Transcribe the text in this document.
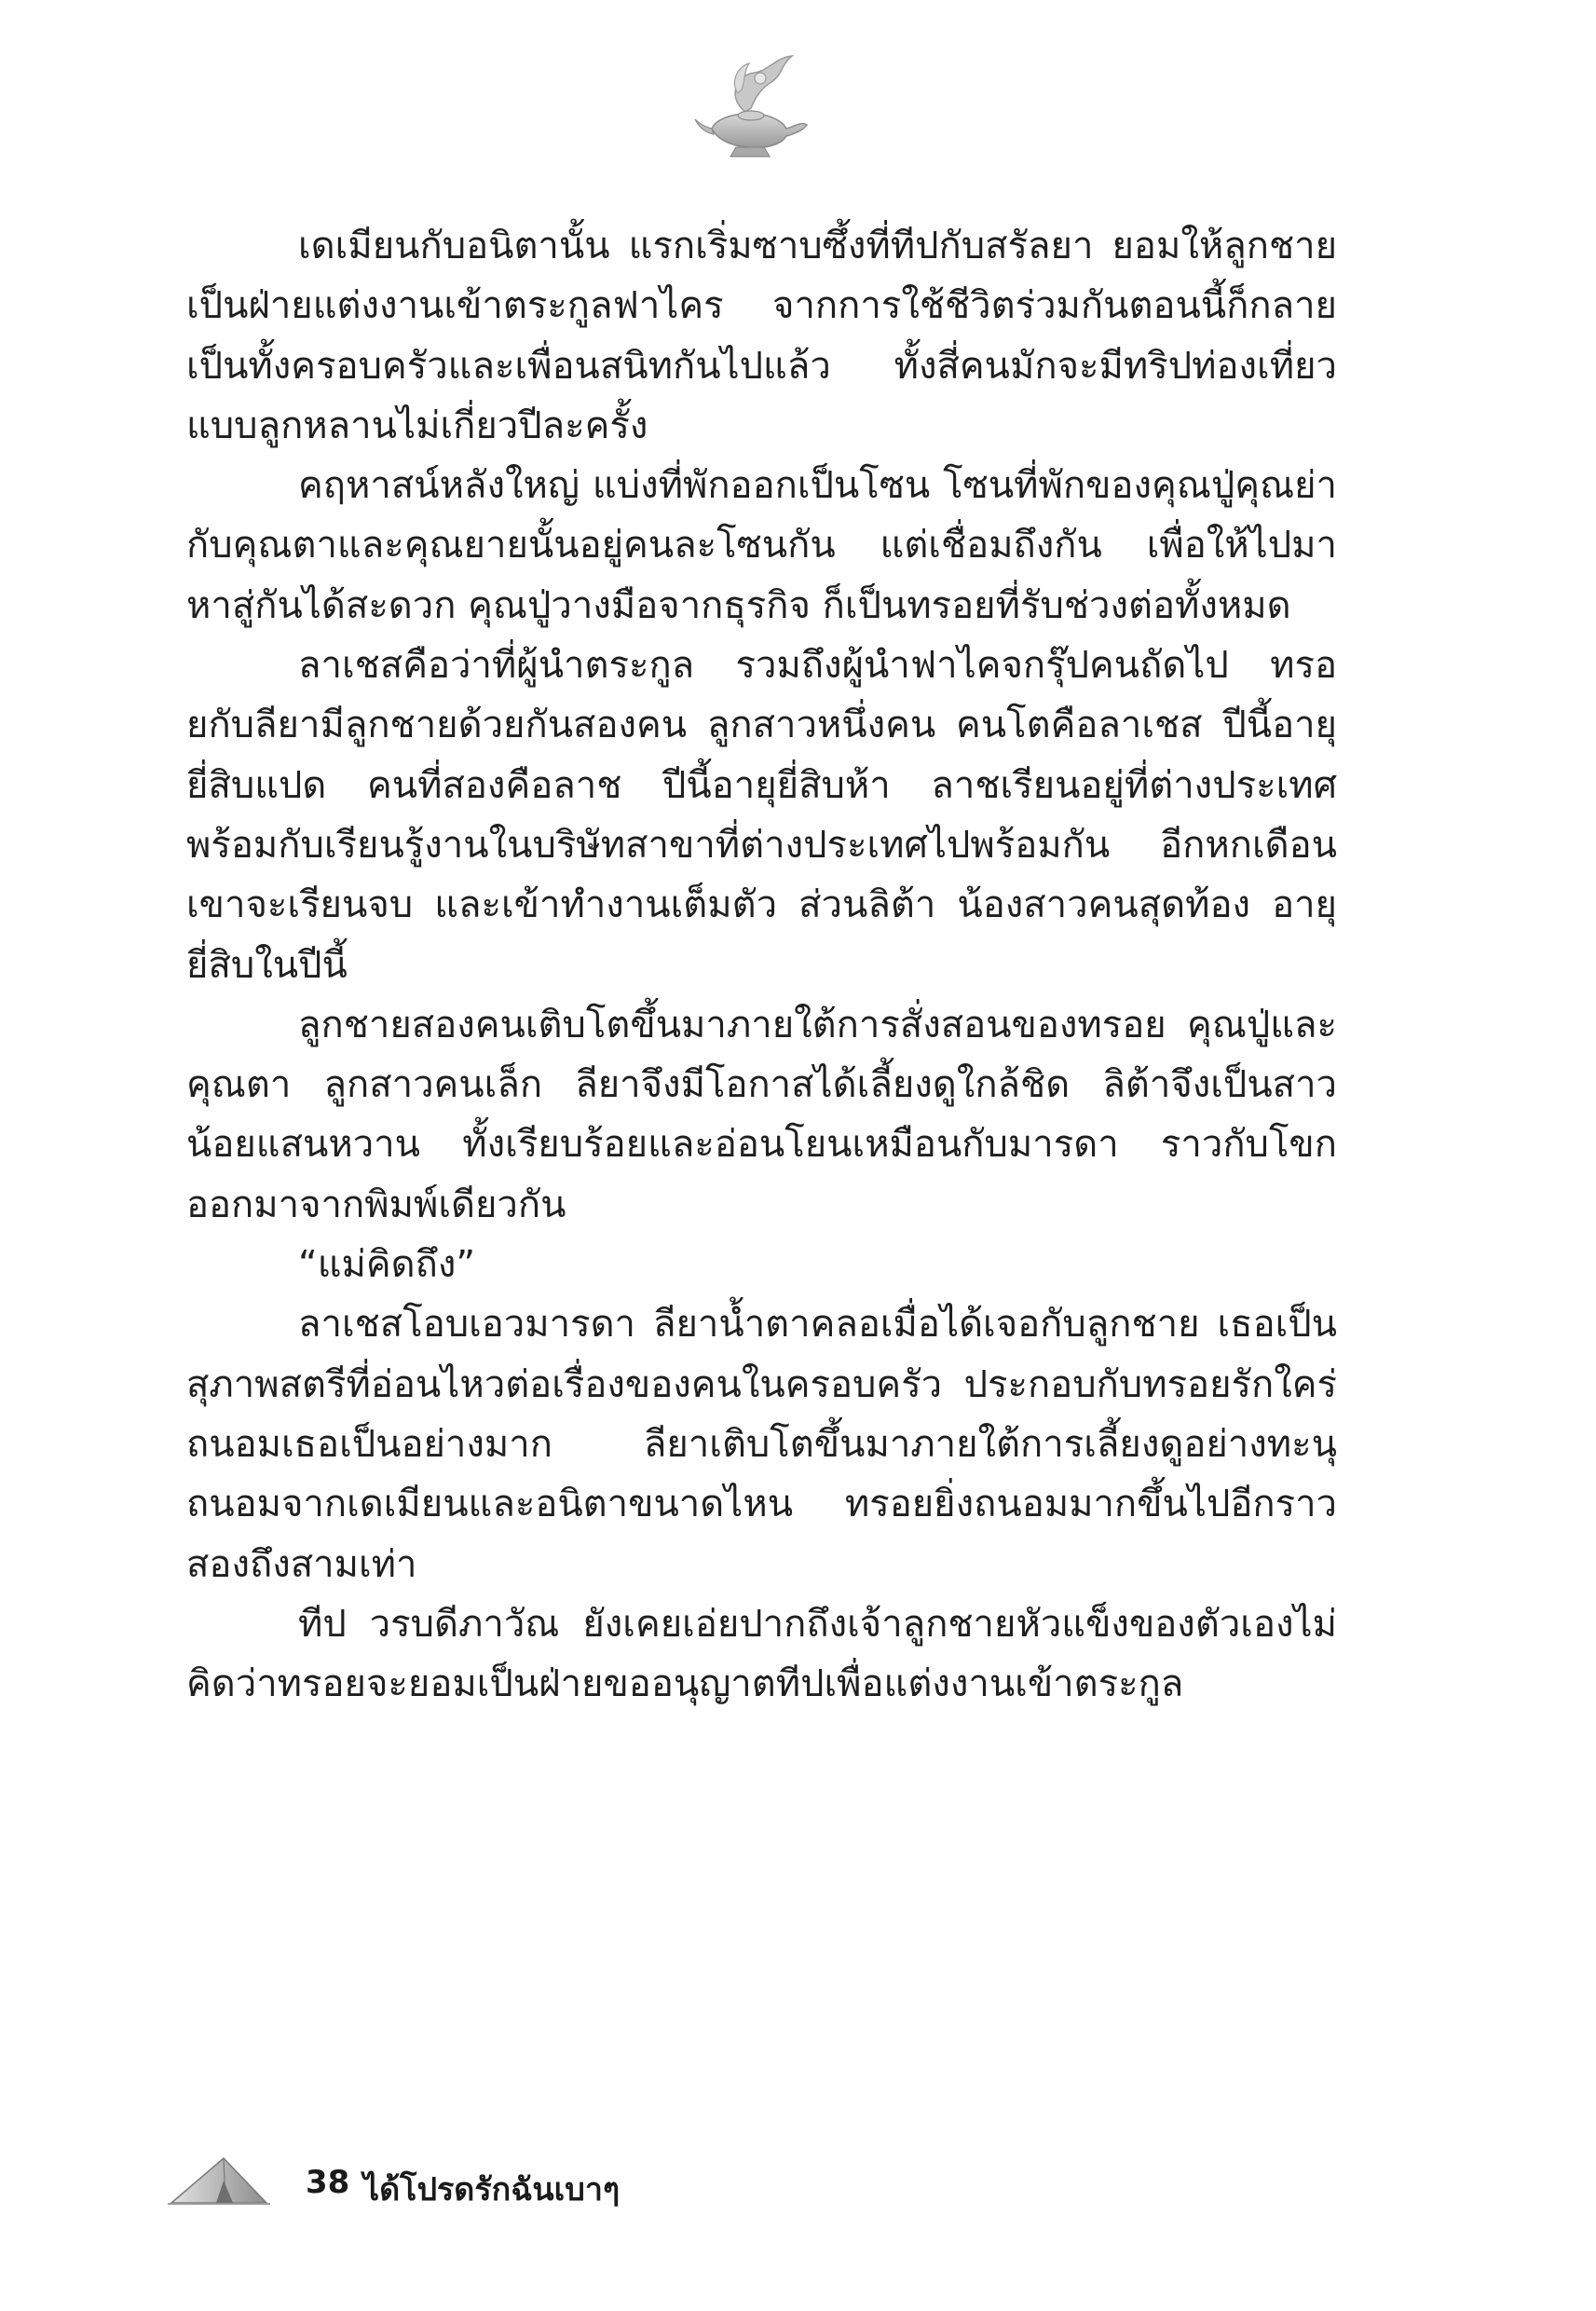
เดเมียนกับอนิตานั้น แรกเริ่มซาบซึ้งที่ทีปกับสรัลยา ยอมให้ลูกชายเป็นฝ่ายแต่งงานเข้าตระกูลฟาไคร จากการใช้ชีวิตร่วมกันตอนนี้ก็กลายเป็นทั้งครอบครัวและเพื่อนสนิทกันไปแล้ว ทั้งสี่คนมักจะมีทริปท่องเที่ยวแบบลูกหลานไม่เกี่ยวปีละครั้ง

คฤหาสน์หลังใหญ่ แบ่งที่พักออกเป็นโซน โซนที่พักของคุณปู่คุณย่า กับคุณตาและคุณยายนั้นอยู่คนละโซนกัน แต่เชื่อมถึงกัน เพื่อให้ไปมาหาสู่กันได้สะดวก คุณปู่วางมือจากธุรกิจ ก็เป็นทรอยที่รับช่วงต่อทั้งหมด

ลาเชสคือว่าที่ผู้นำตระกูล รวมถึงผู้นำฟาไคจกรุ๊ปคนถัดไป ทรอยกับลียามีลูกชายด้วยกันสองคน ลูกสาวหนึ่งคน คนโตคือลาเชส ปีนี้อายุยี่สิบแปด คนที่สองคือลาช ปีนี้อายุยี่สิบห้า ลาชเรียนอยู่ที่ต่างประเทศพร้อมกับเรียนรู้งานในบริษัทสาขาที่ต่างประเทศไปพร้อมกัน อีกหกเดือนเขาจะเรียนจบ และเข้าทำงานเต็มตัว ส่วนลิต้า น้องสาวคนสุดท้อง อายุยี่สิบในปีนี้

ลูกชายสองคนเติบโตขึ้นมาภายใต้การสั่งสอนของทรอย คุณปู่และคุณตา ลูกสาวคนเล็ก ลียาจึงมีโอกาสได้เลี้ยงดูใกล้ชิด ลิต้าจึงเป็นสาวน้อยแสนหวาน ทั้งเรียบร้อยและอ่อนโยนเหมือนกับมารดา ราวกับโขกออกมาจากพิมพ์เดียวกัน

“แม่คิดถึง”

ลาเชสโอบเอวมารดา ลียาน้ำตาคลอเมื่อได้เจอกับลูกชาย เธอเป็นสุภาพสตรีที่อ่อนไหวต่อเรื่องของคนในครอบครัว ประกอบกับทรอยรักใคร่ถนอมเธอเป็นอย่างมาก ลียาเติบโตขึ้นมาภายใต้การเลี้ยงดูอย่างทะนุถนอมจากเดเมียนและอนิตาขนาดไหน ทรอยยิ่งถนอมมากขึ้นไปอีกราวสองถึงสามเท่า

ทีป วรบดีภาวัณ ยังเคยเอ่ยปากถึงเจ้าลูกชายหัวแข็งของตัวเองไม่คิดว่าทรอยจะยอมเป็นฝ่ายขออนุญาตทีปเพื่อแต่งงานเข้าตระกูล

38 ได้โปรดรักฉันเบาๆ
